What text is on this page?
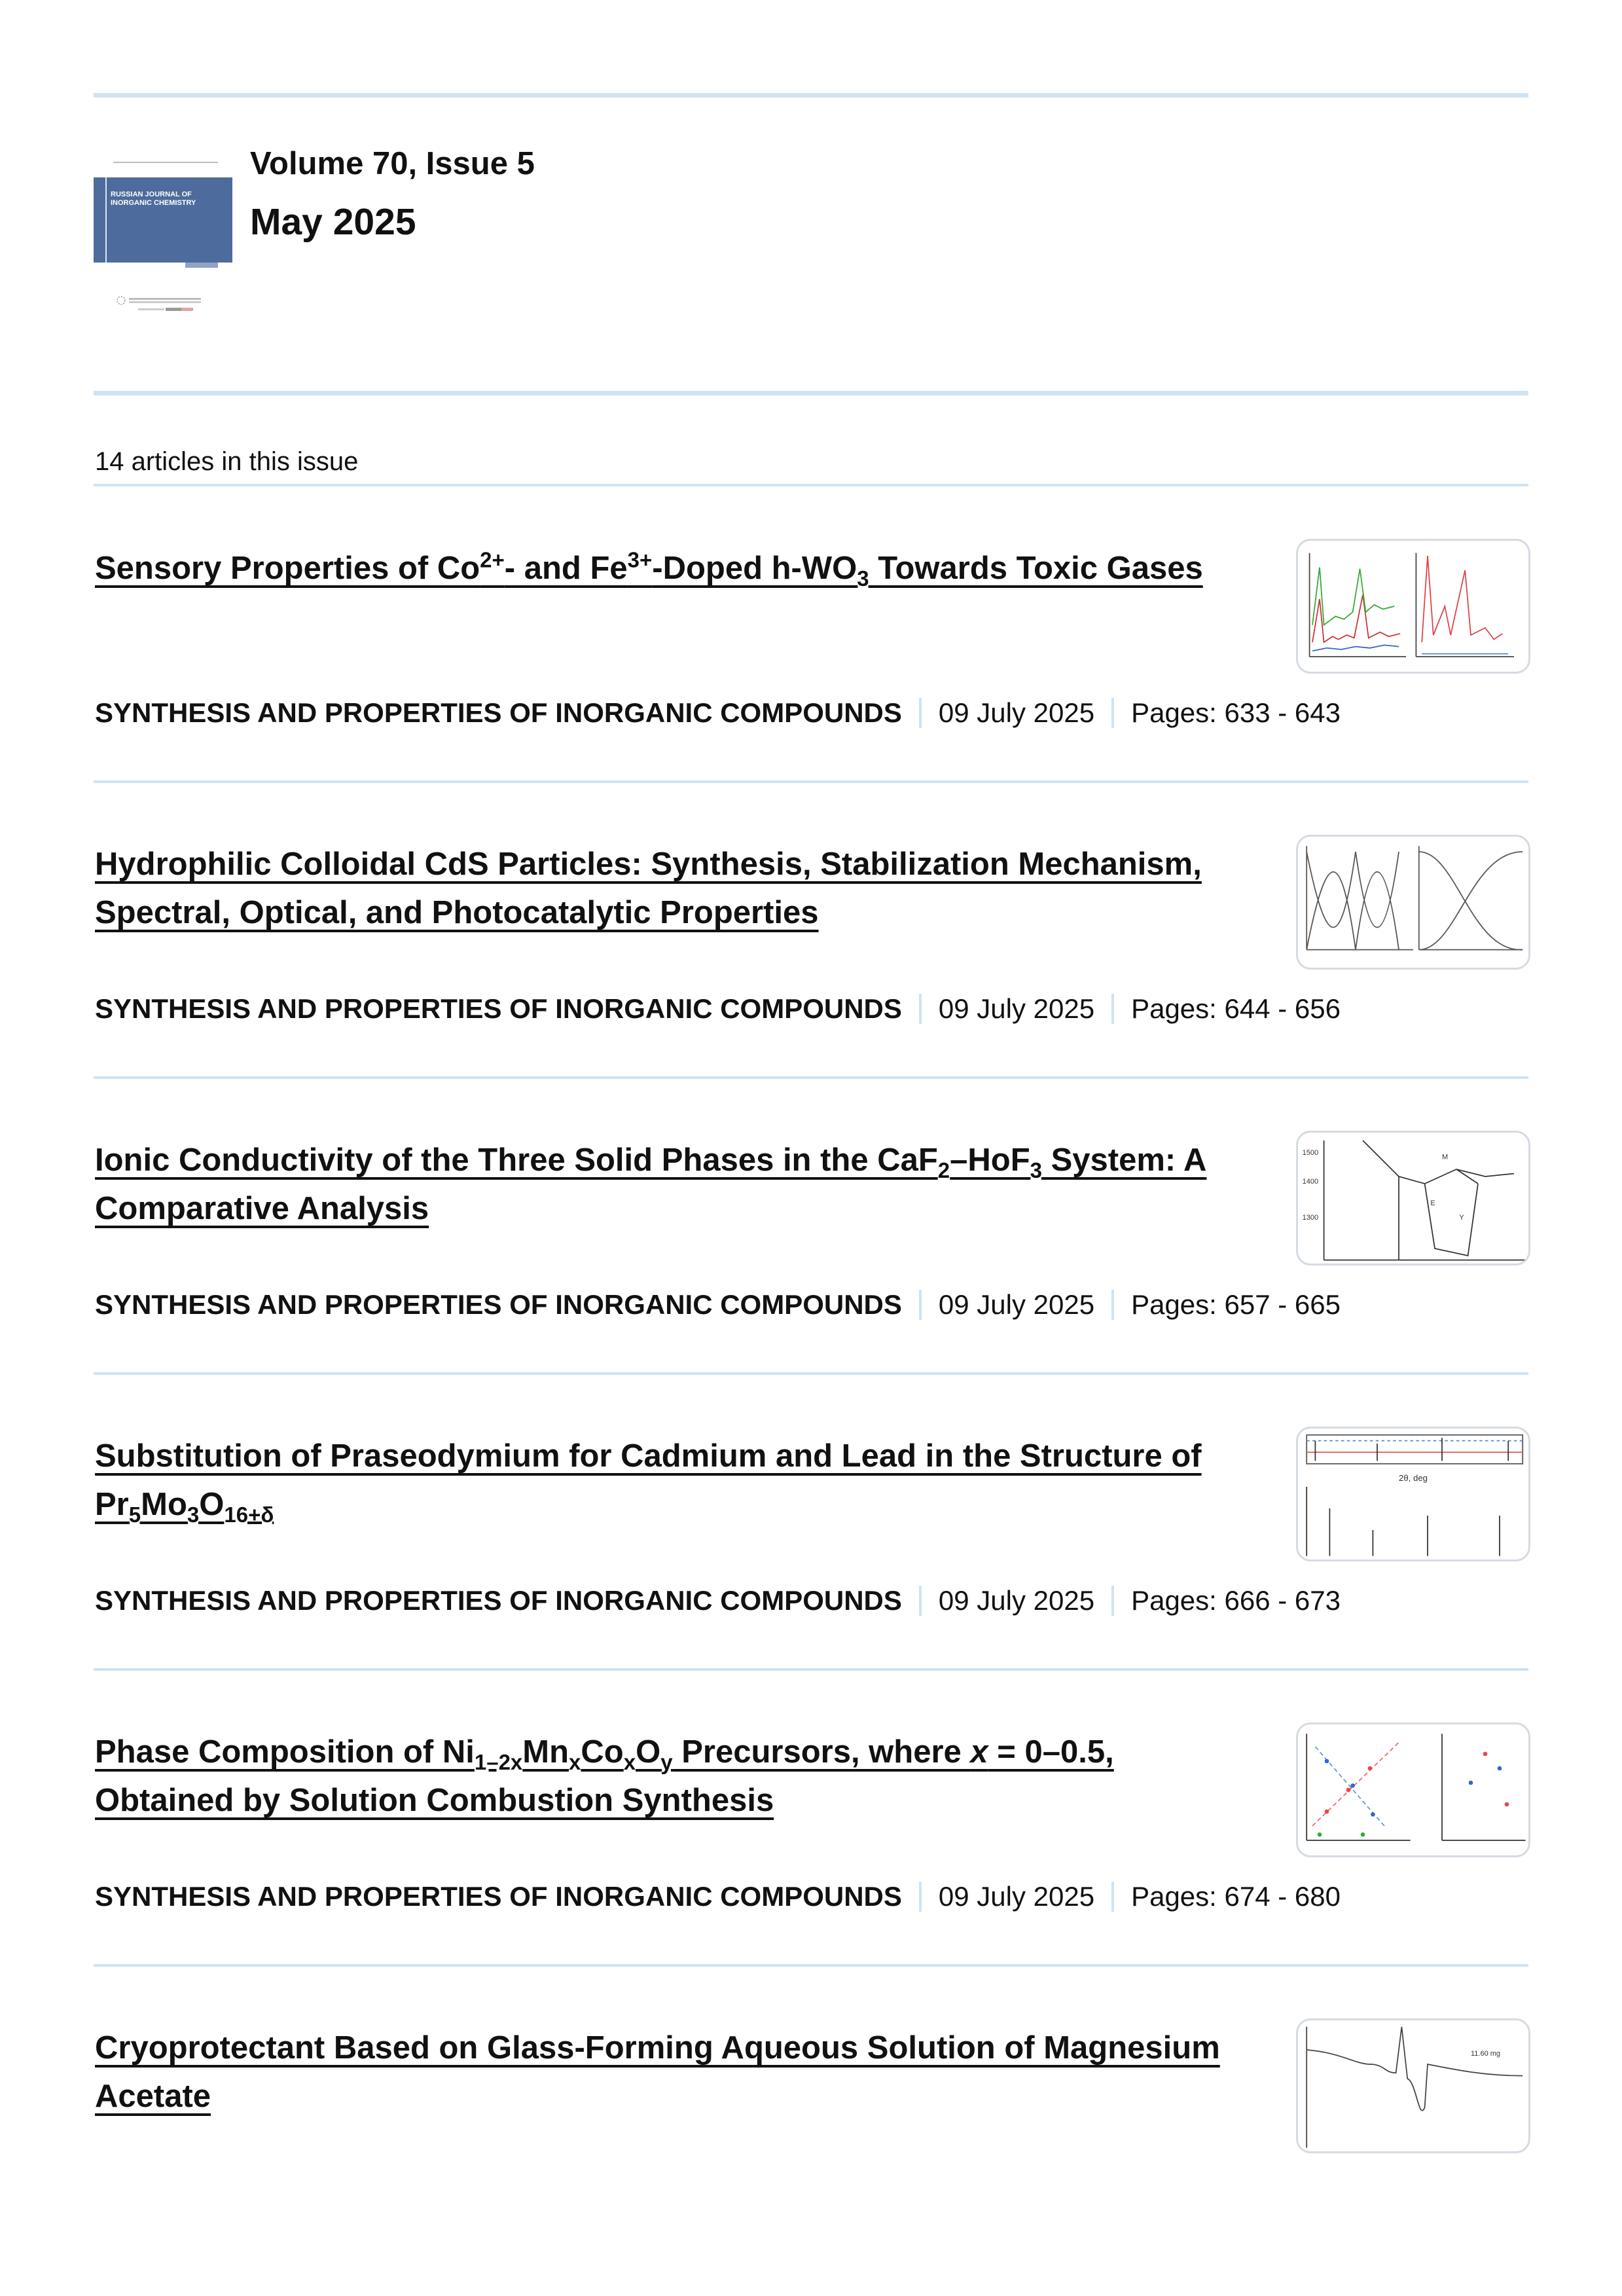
RUSSIAN JOURNAL OF INORGANIC CHEMISTRY
Volume 70, Issue 5
May 2025
14 articles in this issue
Sensory Properties of Co$^{2+}$- and Fe$^{3+}$-Doped $h-WO_3$ Towards Toxic Gases
SYNTHESIS AND PROPERTIES OF INORGANIC COMPOUNDS 09 July 2025 Pages: 633 - 643
Hydrophilic Colloidal CdS Particles: Synthesis, Stabilization Mechanism, Spectral, Optical, and Photocatalytic Properties
SYNTHESIS AND PROPERTIES OF INORGANIC COMPOUNDS 09 July 2025 Pages: 644 - 656
Ionic Conductivity of the Three Solid Phases in the CaF$_2$–HoF$_3$ System: A Comparative Analysis
SYNTHESIS AND PROPERTIES OF INORGANIC COMPOUNDS 09 July 2025 Pages: 657 - 665
1500
1400
1300
M
E
Y
Substitution of Praseodymium for Cadmium and Lead in the Structure of $Pr_5Mo_3O_{16+\delta}$
SYNTHESIS AND PROPERTIES OF INORGANIC COMPOUNDS 09 July 2025 Pages: 666 - 673
2θ, deg
Phase Composition of $Ni_{1-2x}Mn_xCo_xO_y$ Precursors, where x = 0–0.5, Obtained by Solution Combustion Synthesis
SYNTHESIS AND PROPERTIES OF INORGANIC COMPOUNDS 09 July 2025 Pages: 674 - 680
Cryoprotectant Based on Glass-Forming Aqueous Solution of Magnesium Acetate
11.60 mg
